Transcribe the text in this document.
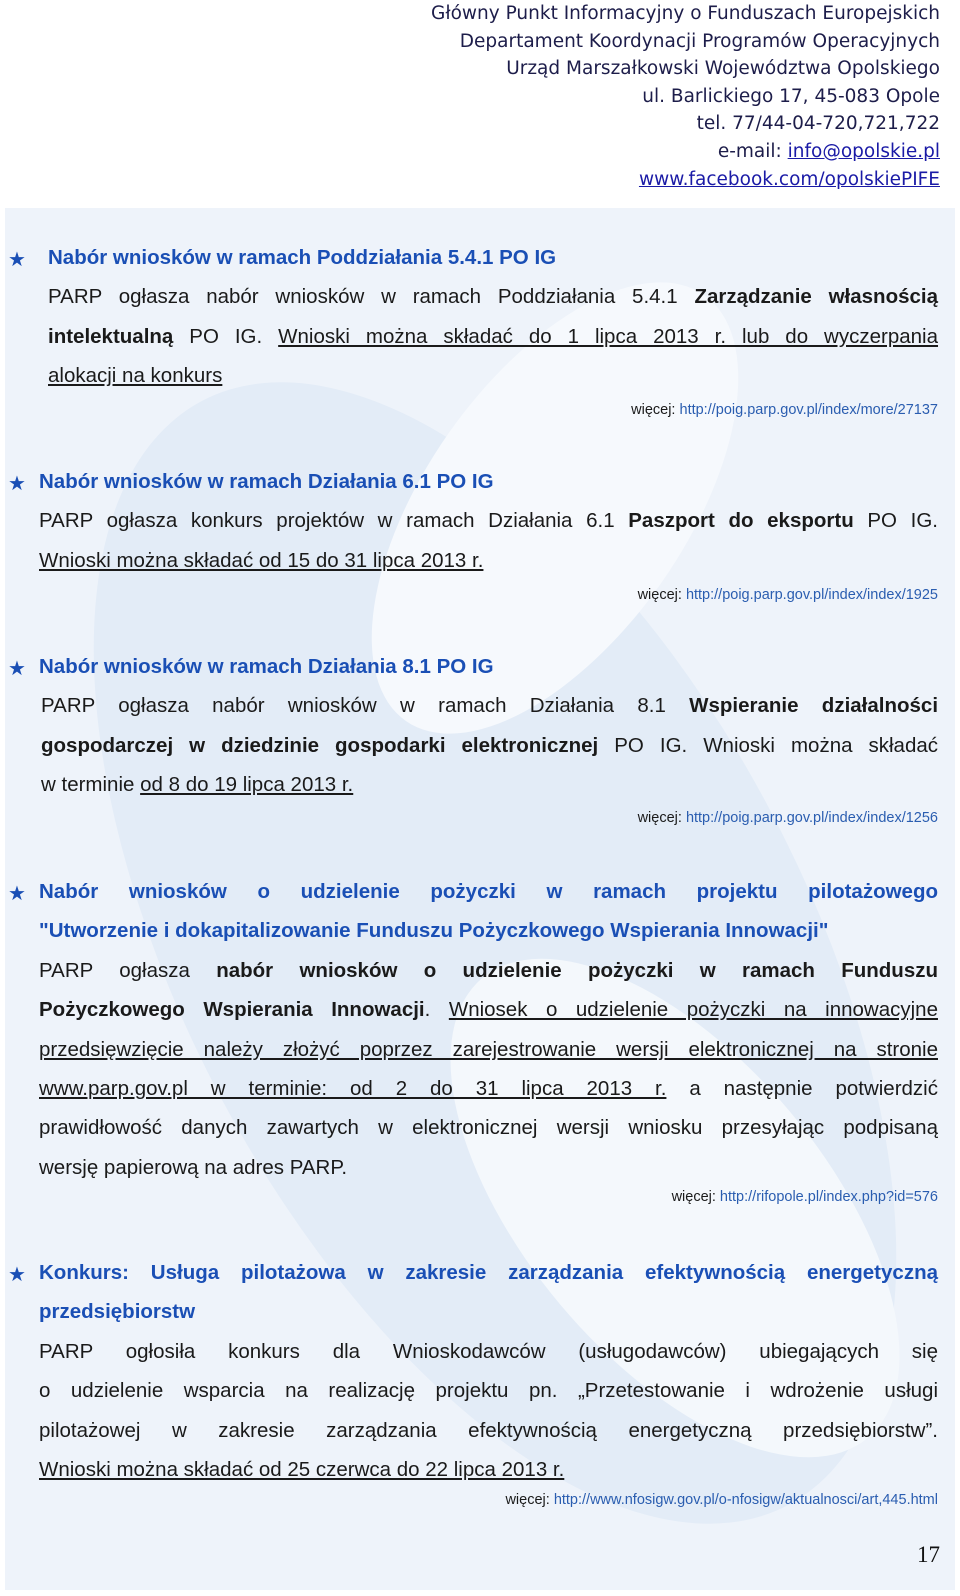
Główny Punkt Informacyjny o Funduszach Europejskich
Departament Koordynacji Programów Operacyjnych
Urząd Marszałkowski Województwa Opolskiego
ul. Barlickiego 17, 45-083 Opole
tel. 77/44-04-720,721,722
e-mail: info@opolskie.pl
www.facebook.com/opolskiePIFE
★ Nabór wniosków w ramach Poddziałania 5.4.1 PO IG
PARP ogłasza nabór wniosków w ramach Poddziałania 5.4.1 Zarządzanie własnością
intelektualną PO IG. Wnioski można składać do 1 lipca 2013 r. lub do wyczerpania
alokacji na konkurs
więcej: http://poig.parp.gov.pl/index/more/27137
★ Nabór wniosków w ramach Działania 6.1 PO IG
PARP ogłasza konkurs projektów w ramach Działania 6.1 Paszport do eksportu PO IG.
Wnioski można składać od 15 do 31 lipca 2013 r.
więcej: http://poig.parp.gov.pl/index/index/1925
★ Nabór wniosków w ramach Działania 8.1 PO IG
PARP ogłasza nabór wniosków w ramach Działania 8.1 Wspieranie działalności
gospodarczej w dziedzinie gospodarki elektronicznej PO IG. Wnioski można składać
w terminie od 8 do 19 lipca 2013 r.
więcej: http://poig.parp.gov.pl/index/index/1256
★ Nabór wniosków o udzielenie pożyczki w ramach projektu pilotażowego
"Utworzenie i dokapitalizowanie Funduszu Pożyczkowego Wspierania Innowacji"
PARP ogłasza nabór wniosków o udzielenie pożyczki w ramach Funduszu
Pożyczkowego Wspierania Innowacji. Wniosek o udzielenie pożyczki na innowacyjne
przedsięwzięcie należy złożyć poprzez zarejestrowanie wersji elektronicznej na stronie
www.parp.gov.pl w terminie: od 2 do 31 lipca 2013 r. a następnie potwierdzić
prawidłowość danych zawartych w elektronicznej wersji wniosku przesyłając podpisaną
wersję papierową na adres PARP.
więcej: http://rifopole.pl/index.php?id=576
★ Konkurs: Usługa pilotażowa w zakresie zarządzania efektywnością energetyczną
przedsiębiorstw
PARP ogłosiła konkurs dla Wnioskodawców (usługodawców) ubiegających się
o udzielenie wsparcia na realizację projektu pn. „Przetestowanie i wdrożenie usługi
pilotażowej w zakresie zarządzania efektywnością energetyczną przedsiębiorstw”.
Wnioski można składać od 25 czerwca do 22 lipca 2013 r.
więcej: http://www.nfosigw.gov.pl/o-nfosigw/aktualnosci/art,445.html
17
